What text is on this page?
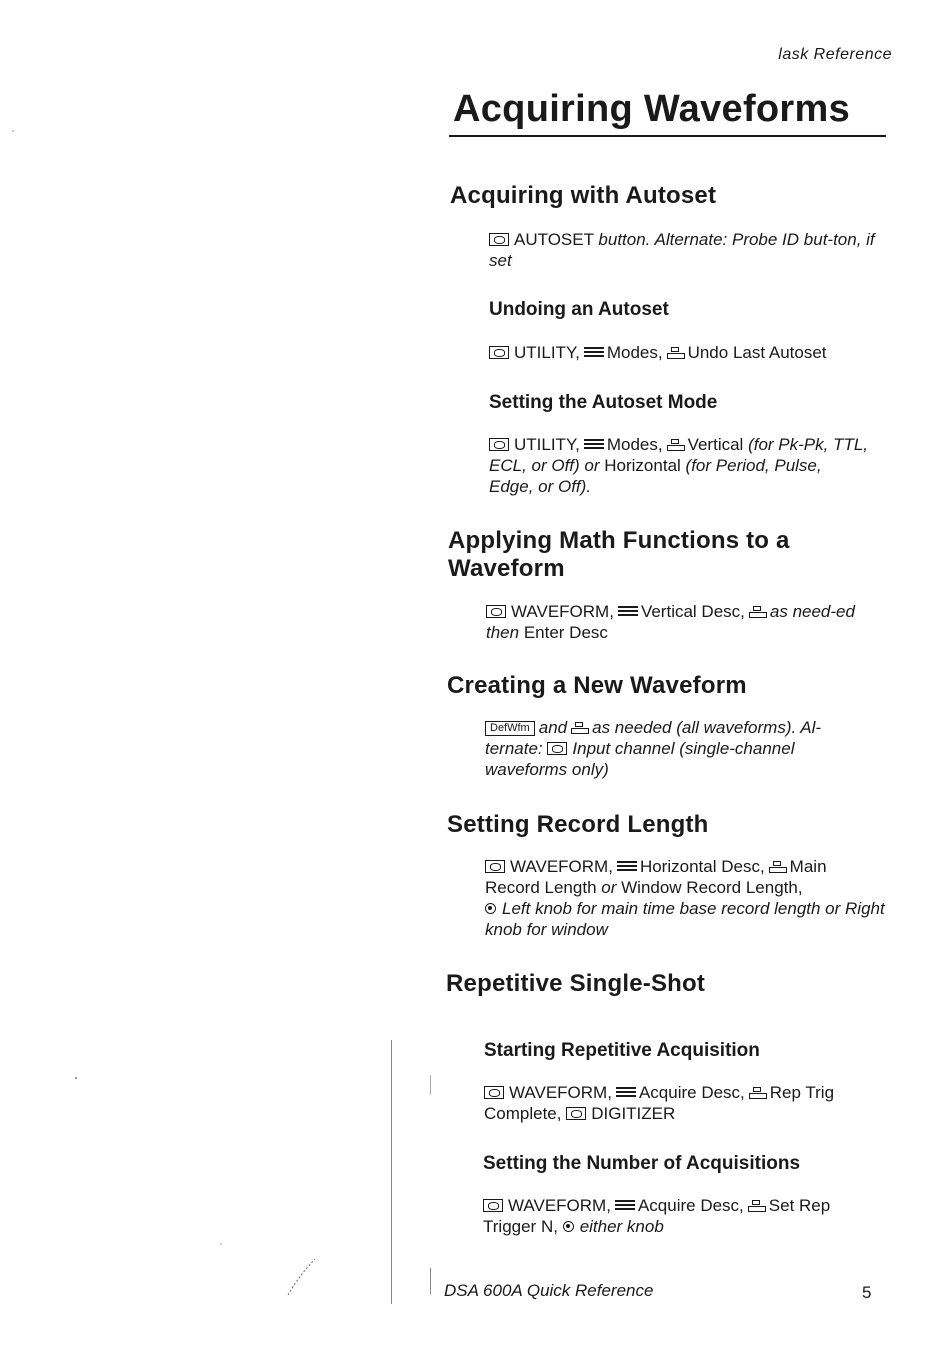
lask Reference
Acquiring Waveforms
Acquiring with Autoset
AUTOSET button. Alternate: Probe ID but-ton, if set
Undoing an Autoset
UTILITY, Modes, Undo Last Autoset
Setting the Autoset Mode
UTILITY, Modes, Vertical (for Pk-Pk, TTL, ECL, or Off) or Horizontal (for Period, Pulse, Edge, or Off).
Applying Math Functions to a Waveform
WAVEFORM, Vertical Desc, as need-ed then Enter Desc
Creating a New Waveform
DefWfm and as needed (all waveforms). Al-ternate: Input channel (single-channel waveforms only)
Setting Record Length
WAVEFORM, Horizontal Desc, Main Record Length or Window Record Length,
Left knob for main time base record length or Right knob for window
Repetitive Single-Shot
Starting Repetitive Acquisition
WAVEFORM, Acquire Desc, Rep Trig Complete, DIGITIZER
Setting the Number of Acquisitions
WAVEFORM, Acquire Desc, Set Rep Trigger N, either knob
DSA 600A Quick Reference	5
